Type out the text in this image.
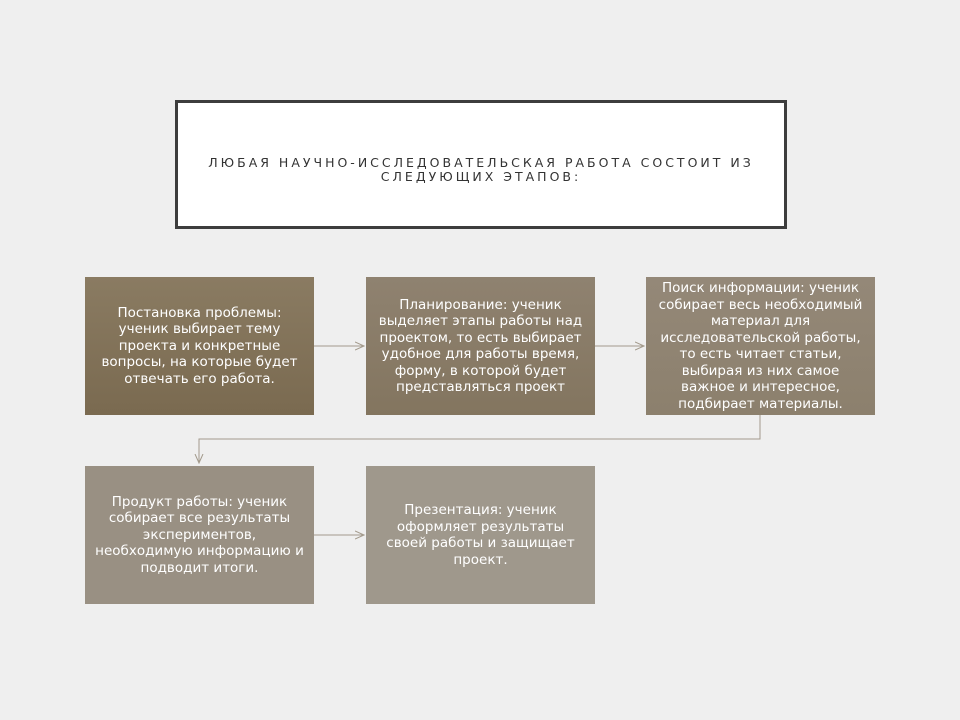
ЛЮБАЯ НАУЧНО-ИССЛЕДОВАТЕЛЬСКАЯ РАБОТА СОСТОИТ ИЗ СЛЕДУЮЩИХ ЭТАПОВ:
Постановка проблемы: ученик выбирает тему проекта и конкретные вопросы, на которые будет отвечать его работа.
Планирование: ученик выделяет этапы работы над проектом, то есть выбирает удобное для работы время, форму, в которой будет представляться проект
Поиск информации: ученик собирает весь необходимый материал для исследовательской работы, то есть читает статьи, выбирая из них самое важное и интересное, подбирает материалы.
Продукт работы: ученик собирает все результаты экспериментов, необходимую информацию и подводит итоги.
Презентация: ученик оформляет результаты своей работы и защищает проект.
